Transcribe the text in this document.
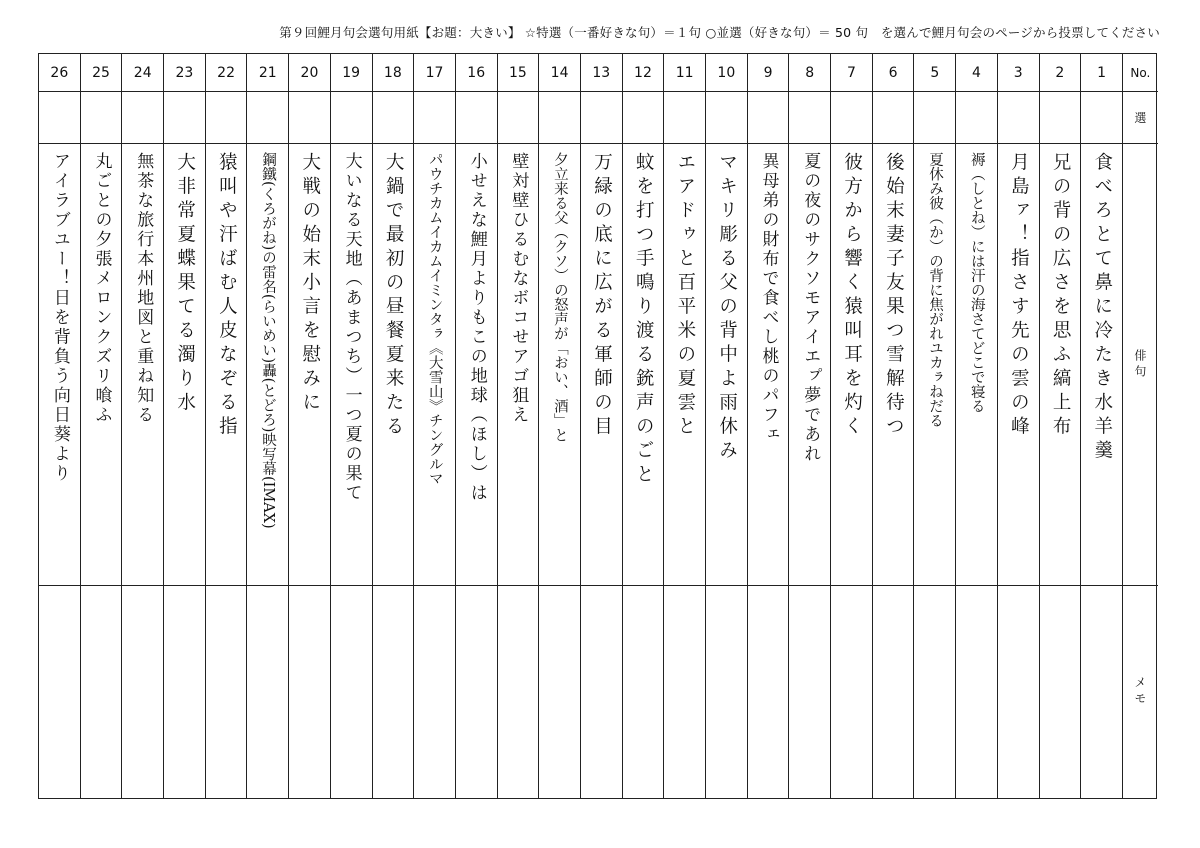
第９回鯉月句会選句用紙【お題：大きい】 ☆特選（一番好きな句）＝１句 ○並選（好きな句）＝ 50 句　を選んで鯉月句会のページから投票してください
26
アイラブユー！日を背負う向日葵より
25
丸ごとの夕張メロンクズリ喰ふ
24
無茶な旅行本州地図と重ね知る
23
大非常夏蝶果てる濁り水
22
猿叫や汗ばむ人皮なぞる指
21
鋼鐵(くろがね)の雷名(らいめい)轟(とどろ)映写幕(IMAX)
20
大戦の始末小言を慰みに
19
大いなる天地（あまつち）一つ夏の果て
18
大鍋で最初の昼餐夏来たる
17
パウチカムイカムイミンタㇻ《大雪山》チングルマ
16
小せえな鯉月よりもこの地球（ほし）は
15
壁対壁ひるむなボコせアゴ狙え
14
夕立来る父（クソ）の怒声が「おい、酒」と
13
万緑の底に広がる軍師の目
12
蚊を打つ手鳴り渡る銃声のごと
11
エアドゥと百平米の夏雲と
10
マキリ彫る父の背中よ雨休み
9
異母弟の財布で食べし桃のパフェ
8
夏の夜のサクソモアイエㇷ゚夢であれ
7
彼方から響く猿叫耳を灼く
6
後始末妻子友果つ雪解待つ
5
夏休み彼（か）の背に焦がれユカㇻねだる
4
褥（しとね）には汗の海さてどこで寝る
3
月島ァ！指さす先の雲の峰
2
兄の背の広さを思ふ縞上布
1
食べろとて鼻に冷たき水羊羹
No.
選
俳句
メモ
